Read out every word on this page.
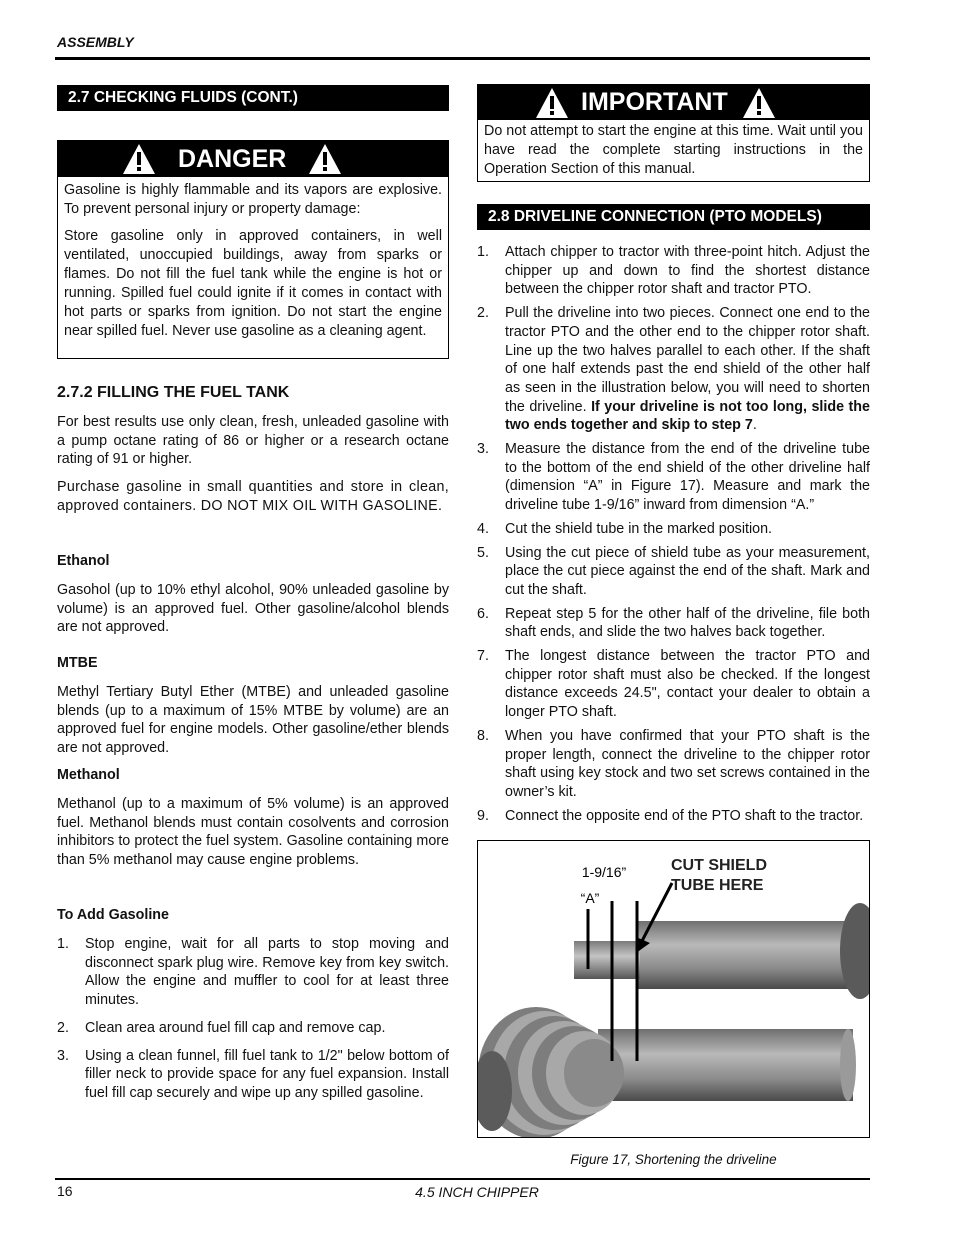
ASSEMBLY
2.7 CHECKING FLUIDS (CONT.)
DANGER

Gasoline is highly flammable and its vapors are explosive. To prevent personal injury or property damage:

Store gasoline only in approved containers, in well ventilated, unoccupied buildings, away from sparks or flames. Do not fill the fuel tank while the engine is hot or running. Spilled fuel could ignite if it comes in contact with hot parts or sparks from ignition. Do not start the engine near spilled fuel. Never use gasoline as a cleaning agent.

2.7.2 FILLING THE FUEL TANK

For best results use only clean, fresh, unleaded gasoline with a pump octane rating of 86 or higher or a research octane rating of 91 or higher.

Purchase gasoline in small quantities and store in clean, approved containers. DO NOT MIX OIL WITH GASOLINE.

Ethanol

Gasohol (up to 10% ethyl alcohol, 90% unleaded gasoline by volume) is an approved fuel. Other gasoline/alcohol blends are not approved.

MTBE

Methyl Tertiary Butyl Ether (MTBE) and unleaded gasoline blends (up to a maximum of 15% MTBE by volume) are an approved fuel for engine models. Other gasoline/ether blends are not approved.

Methanol

Methanol (up to a maximum of 5% volume) is an approved fuel. Methanol blends must contain cosolvents and corrosion inhibitors to protect the fuel system. Gasoline containing more than 5% methanol may cause engine problems.

To Add Gasoline
1. Stop engine, wait for all parts to stop moving and disconnect spark plug wire. Remove key from key switch. Allow the engine and muffler to cool for at least three minutes.
2. Clean area around fuel fill cap and remove cap.
3. Using a clean funnel, fill fuel tank to 1/2" below bottom of filler neck to provide space for any fuel expansion. Install fuel fill cap securely and wipe up any spilled gasoline.
IMPORTANT

Do not attempt to start the engine at this time. Wait until you have read the complete starting instructions in the Operation Section of this manual.

2.8 DRIVELINE CONNECTION (PTO MODELS)
1. Attach chipper to tractor with three-point hitch. Adjust the chipper up and down to find the shortest distance between the chipper rotor shaft and tractor PTO.
2. Pull the driveline into two pieces. Connect one end to the tractor PTO and the other end to the chipper rotor shaft. Line up the two halves parallel to each other. If the shaft of one half extends past the end shield of the other half as seen in the illustration below, you will need to shorten the driveline. If your driveline is not too long, slide the two ends together and skip to step 7.
3. Measure the distance from the end of the driveline tube to the bottom of the end shield of the other driveline half (dimension “A” in Figure 17). Measure and mark the driveline tube 1-9/16” inward from dimension “A.”
4. Cut the shield tube in the marked position.
5. Using the cut piece of shield tube as your measurement, place the cut piece against the end of the shaft. Mark and cut the shaft.
6. Repeat step 5 for the other half of the driveline, file both shaft ends, and slide the two halves back together.
7. The longest distance between the tractor PTO and chipper rotor shaft must also be checked. If the longest distance exceeds 24.5", contact your dealer to obtain a longer PTO shaft.
8. When you have confirmed that your PTO shaft is the proper length, connect the driveline to the chipper rotor shaft using key stock and two set screws contained in the owner’s kit.
9. Connect the opposite end of the PTO shaft to the tractor.
1-9/16”
“A”
CUT SHIELD
TUBE HERE
Figure 17, Shortening the driveline
16	4.5 INCH CHIPPER
